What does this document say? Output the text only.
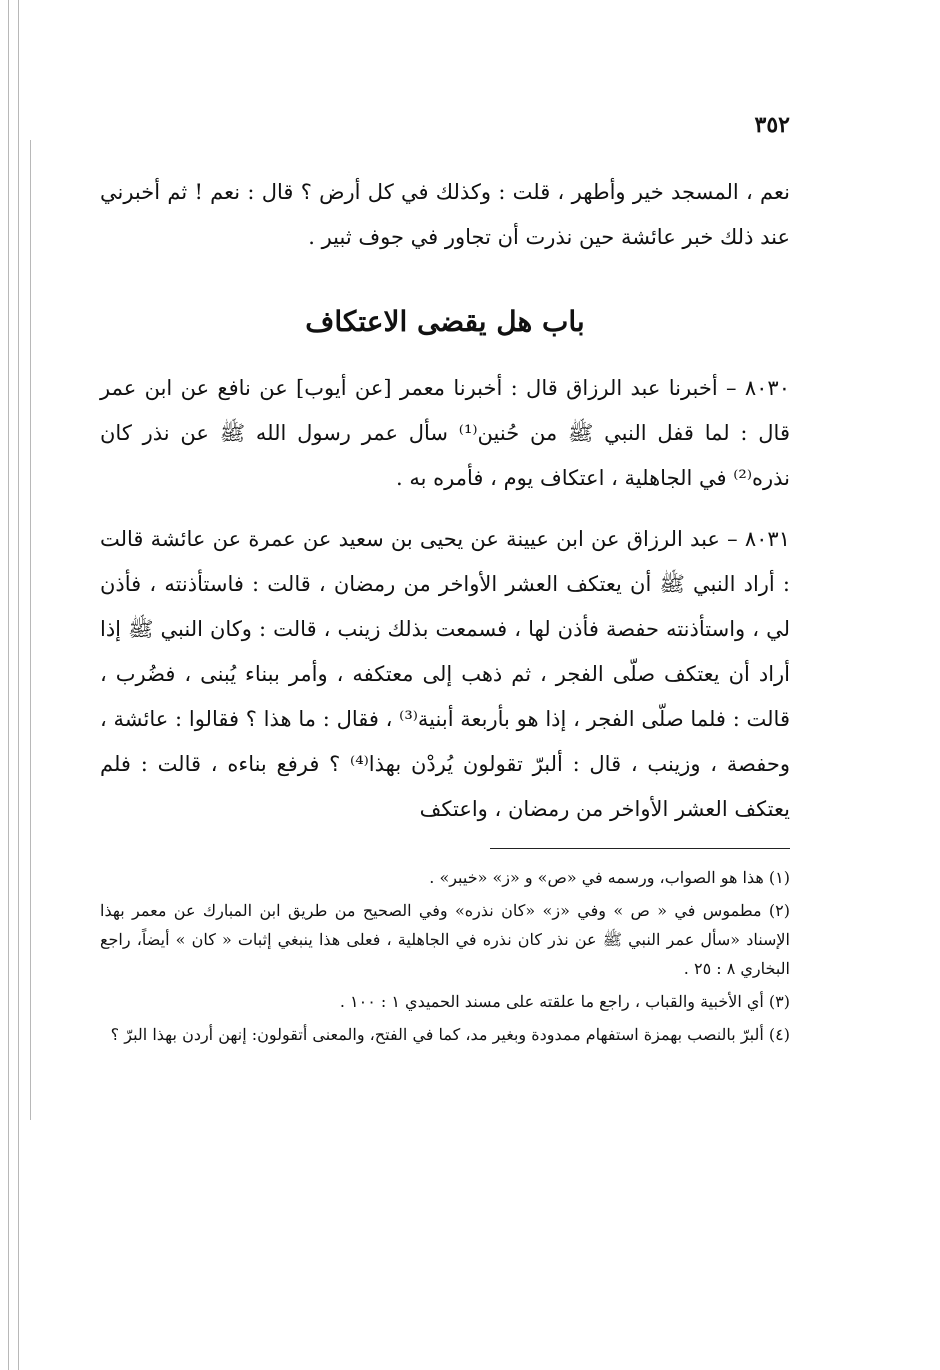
٣٥٢

نعم ، المسجد خير وأطهر ، قلت : وكذلك في كل أرض ؟ قال : نعم ! ثم أخبرني عند ذلك خبر عائشة حين نذرت أن تجاور في جوف ثبير .

باب هل يقضى الاعتكاف

٨٠٣٠ – أخبرنا عبد الرزاق قال : أخبرنا معمر [عن أيوب] عن نافع عن ابن عمر قال : لما قفل النبي ﷺ من حُنين⁽¹⁾ سأل عمر رسول الله ﷺ عن نذر كان نذره⁽²⁾ في الجاهلية ، اعتكاف يوم ، فأمره به .

٨٠٣١ – عبد الرزاق عن ابن عيينة عن يحيى بن سعيد عن عمرة عن عائشة قالت : أراد النبي ﷺ أن يعتكف العشر الأواخر من رمضان ، قالت : فاستأذنته ، فأذن لي ، واستأذنته حفصة فأذن لها ، فسمعت بذلك زينب ، قالت : وكان النبي ﷺ إذا أراد أن يعتكف صلّى الفجر ، ثم ذهب إلى معتكفه ، وأمر ببناء يُبنى ، فضُرب ، قالت : فلما صلّى الفجر ، إذا هو بأربعة أبنية⁽³⁾ ، فقال : ما هذا ؟ فقالوا : عائشة ، وحفصة ، وزينب ، قال : ألبرّ تقولون يُردْن بهذا⁽⁴⁾ ؟ فرفع بناءه ، قالت : فلم يعتكف العشر الأواخر من رمضان ، واعتكف

(١) هذا هو الصواب، ورسمه في «ص» و «ز» «خيبر» .

(٢) مطموس في « ص » وفي «ز» «كان نذره» وفي الصحيح من طريق ابن المبارك عن معمر بهذا الإسناد «سأل عمر النبي ﷺ عن نذر كان نذره في الجاهلية ، فعلى هذا ينبغي إثبات « كان » أيضاً، راجع البخاري ٨ : ٢٥ .

(٣) أي الأخبية والقباب ، راجع ما علقته على مسند الحميدي ١ : ١٠٠ .

(٤) ألبرّ بالنصب بهمزة استفهام ممدودة وبغير مد، كما في الفتح، والمعنى أتقولون: إنهن أردن بهذا البرّ ؟
